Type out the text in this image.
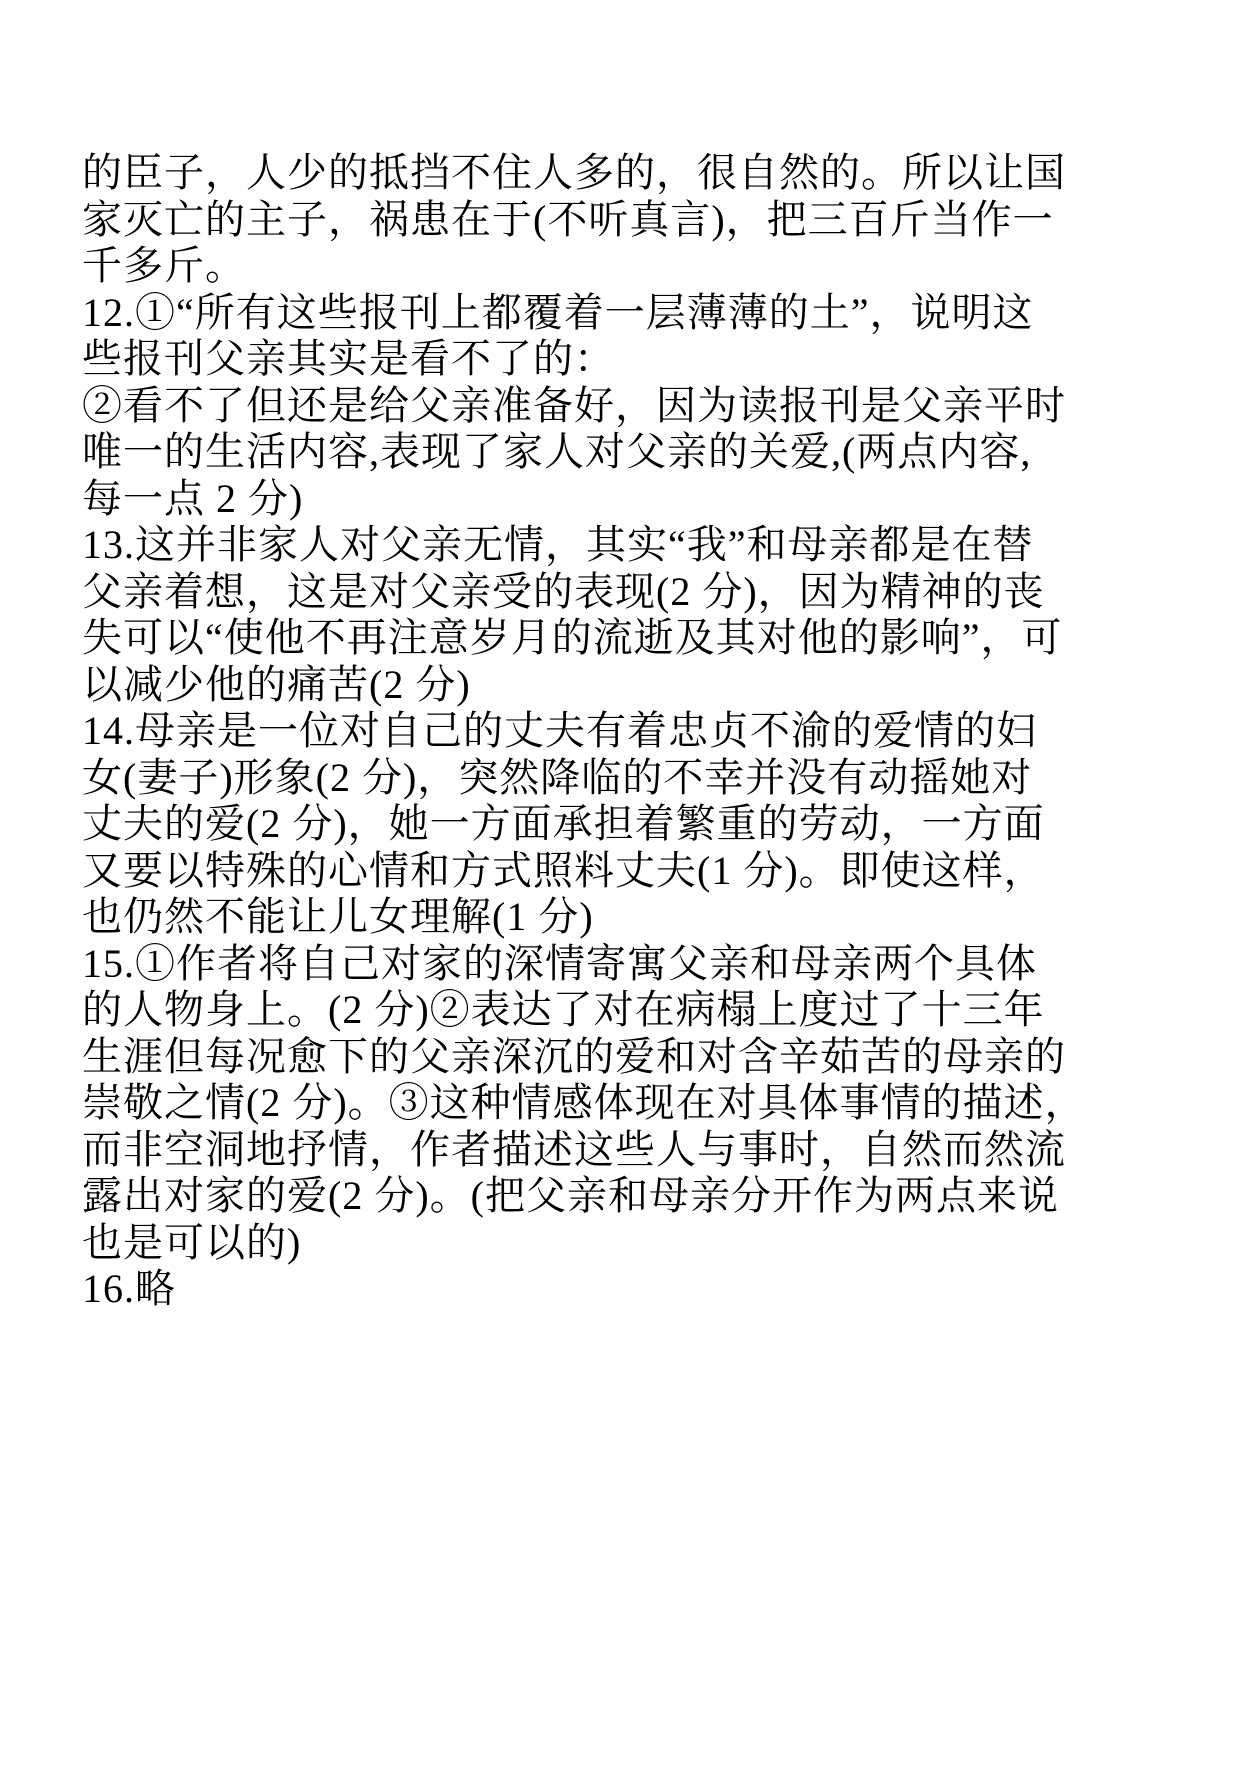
的臣子，人少的抵挡不住人多的，很自然的。所以让国
家灭亡的主子，祸患在于(不听真言)，把三百斤当作一
千多斤。
12.①“所有这些报刊上都覆着一层薄薄的土”，说明这
些报刊父亲其实是看不了的：
②看不了但还是给父亲准备好，因为读报刊是父亲平时
唯一的生活内容,表现了家人对父亲的关爱,(两点内容,
每一点 2 分)
13.这并非家人对父亲无情，其实“我”和母亲都是在替
父亲着想，这是对父亲受的表现(2 分)，因为精神的丧
失可以“使他不再注意岁月的流逝及其对他的影响”，可
以减少他的痛苦(2 分)
14.母亲是一位对自己的丈夫有着忠贞不渝的爱情的妇
女(妻子)形象(2 分)，突然降临的不幸并没有动摇她对
丈夫的爱(2 分)，她一方面承担着繁重的劳动，一方面
又要以特殊的心情和方式照料丈夫(1 分)。即使这样，
也仍然不能让儿女理解(1 分)
15.①作者将自己对家的深情寄寓父亲和母亲两个具体
的人物身上。(2 分)②表达了对在病榻上度过了十三年
生涯但每况愈下的父亲深沉的爱和对含辛茹苦的母亲的
崇敬之情(2 分)。③这种情感体现在对具体事情的描述，
而非空洞地抒情，作者描述这些人与事时，自然而然流
露出对家的爱(2 分)。(把父亲和母亲分开作为两点来说
也是可以的)
16.略
